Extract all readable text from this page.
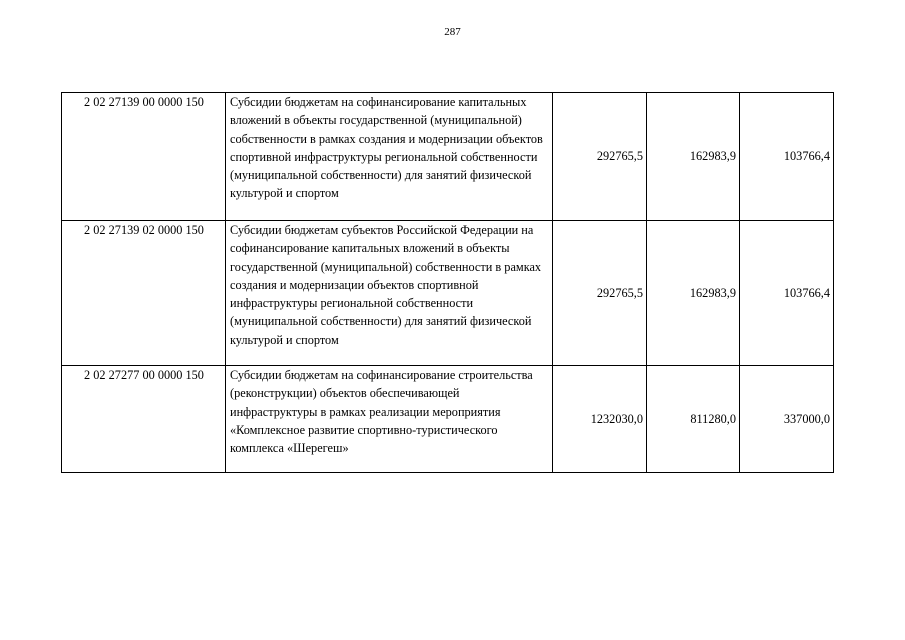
287
2 02 27139 00 0000 150	Субсидии бюджетам на софинансирование капитальных вложений в объекты государственной (муниципальной) собственности в рамках создания и модернизации объектов спортивной инфраструктуры региональной собственности (муниципальной собственности) для занятий физической культурой и спортом	292765,5	162983,9	103766,4
2 02 27139 02 0000 150	Субсидии бюджетам субъектов Российской Федерации на софинансирование капитальных вложений в объекты государственной (муниципальной) собственности в рамках создания и модернизации объектов спортивной инфраструктуры региональной собственности (муниципальной собственности) для занятий физической культурой и спортом	292765,5	162983,9	103766,4
2 02 27277 00 0000 150	Субсидии бюджетам на софинансирование строительства (реконструкции) объектов обеспечивающей инфраструктуры в рамках реализации мероприятия «Комплексное развитие спортивно-туристического комплекса «Шерегеш»	1232030,0	811280,0	337000,0
